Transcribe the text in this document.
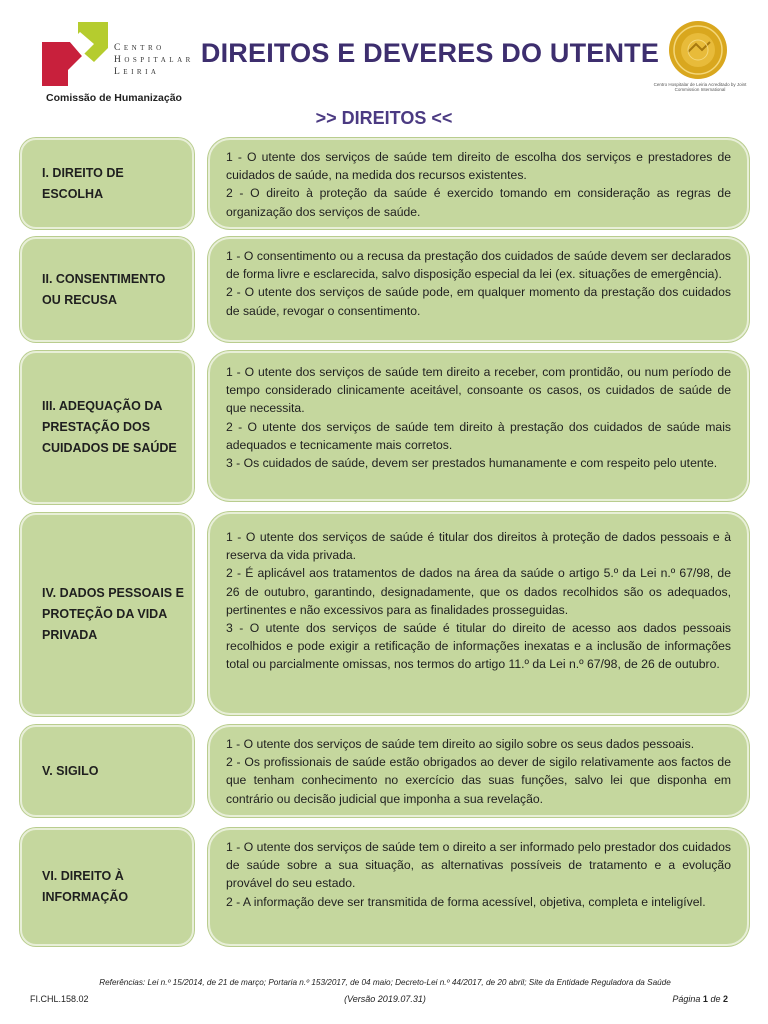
Centro
Hospitalar
Leiria
Comissão de Humanização
DIREITOS E DEVERES DO UTENTE
Centro Hospitalar de Leiria Acreditado by Joint Commission International
>> DIREITOS <<
I. DIREITO DE ESCOLHA

1 - O utente dos serviços de saúde tem direito de escolha dos serviços e prestadores de cuidados de saúde, na medida dos recursos existentes.

2 - O direito à proteção da saúde é exercido tomando em consideração as regras de organização dos serviços de saúde.

II. CONSENTIMENTO OU RECUSA

1 - O consentimento ou a recusa da prestação dos cuidados de saúde devem ser declarados de forma livre e esclarecida, salvo disposição especial da lei (ex. situações de emergência).

2 - O utente dos serviços de saúde pode, em qualquer momento da prestação dos cuidados de saúde, revogar o consentimento.

III. ADEQUAÇÃO DA PRESTAÇÃO DOS CUIDADOS DE SAÚDE

1 - O utente dos serviços de saúde tem direito a receber, com prontidão, ou num período de tempo considerado clinicamente aceitável, consoante os casos, os cuidados de saúde de que necessita.

2 - O utente dos serviços de saúde tem direito à prestação dos cuidados de saúde mais adequados e tecnicamente mais corretos.

3 - Os cuidados de saúde, devem ser prestados humanamente e com respeito pelo utente.

IV. DADOS PESSOAIS E PROTEÇÃO DA VIDA PRIVADA

1 - O utente dos serviços de saúde é titular dos direitos à proteção de dados pessoais e à reserva da vida privada.

2 - É aplicável aos tratamentos de dados na área da saúde o artigo 5.º da Lei n.º 67/98, de 26 de outubro, garantindo, designadamente, que os dados recolhidos são os adequados, pertinentes e não excessivos para as finalidades prosseguidas.

3 - O utente dos serviços de saúde é titular do direito de acesso aos dados pessoais recolhidos e pode exigir a retificação de informações inexatas e a inclusão de informações total ou parcialmente omissas, nos termos do artigo 11.º da Lei n.º 67/98, de 26 de outubro.

V. SIGILO

1 - O utente dos serviços de saúde tem direito ao sigilo sobre os seus dados pessoais.

2 - Os profissionais de saúde estão obrigados ao dever de sigilo relativamente aos factos de que tenham conhecimento no exercício das suas funções, salvo lei que disponha em contrário ou decisão judicial que imponha a sua revelação.

VI. DIREITO À INFORMAÇÃO

1 - O utente dos serviços de saúde tem o direito a ser informado pelo prestador dos cuidados de saúde sobre a sua situação, as alternativas possíveis de tratamento e a evolução provável do seu estado.

2 - A informação deve ser transmitida de forma acessível, objetiva, completa e inteligível.

Referências: Lei n.º 15/2014, de 21 de março; Portaria n.º 153/2017, de 04 maio; Decreto-Lei n.º 44/2017, de 20 abril; Site da Entidade Reguladora da Saúde
FI.CHL.158.02	(Versão 2019.07.31)	Página 1 de 2
